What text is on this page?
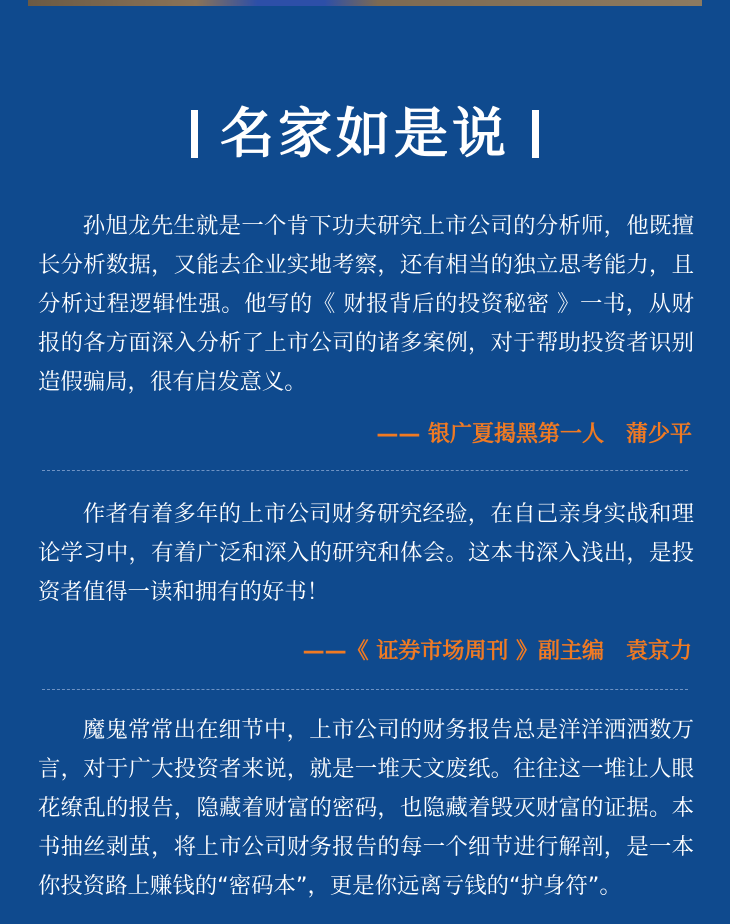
名家如是说

孙旭龙先生就是一个肯下功夫研究上市公司的分析师，他既擅长分析数据，又能去企业实地考察，还有相当的独立思考能力，且分析过程逻辑性强。他写的《 财报背后的投资秘密 》一书，从财报的各方面深入分析了上市公司的诸多案例，对于帮助投资者识别造假骗局，很有启发意义。

—— 银广夏揭黑第一人　蒲少平

作者有着多年的上市公司财务研究经验，在自己亲身实战和理论学习中，有着广泛和深入的研究和体会。这本书深入浅出，是投资者值得一读和拥有的好书！

——《 证券市场周刊 》副主编　袁京力

魔鬼常常出在细节中，上市公司的财务报告总是洋洋洒洒数万言，对于广大投资者来说，就是一堆天文废纸。往往这一堆让人眼花缭乱的报告，隐藏着财富的密码，也隐藏着毁灭财富的证据。本书抽丝剥茧，将上市公司财务报告的每一个细节进行解剖，是一本你投资路上赚钱的“密码本”，更是你远离亏钱的“护身符”。
